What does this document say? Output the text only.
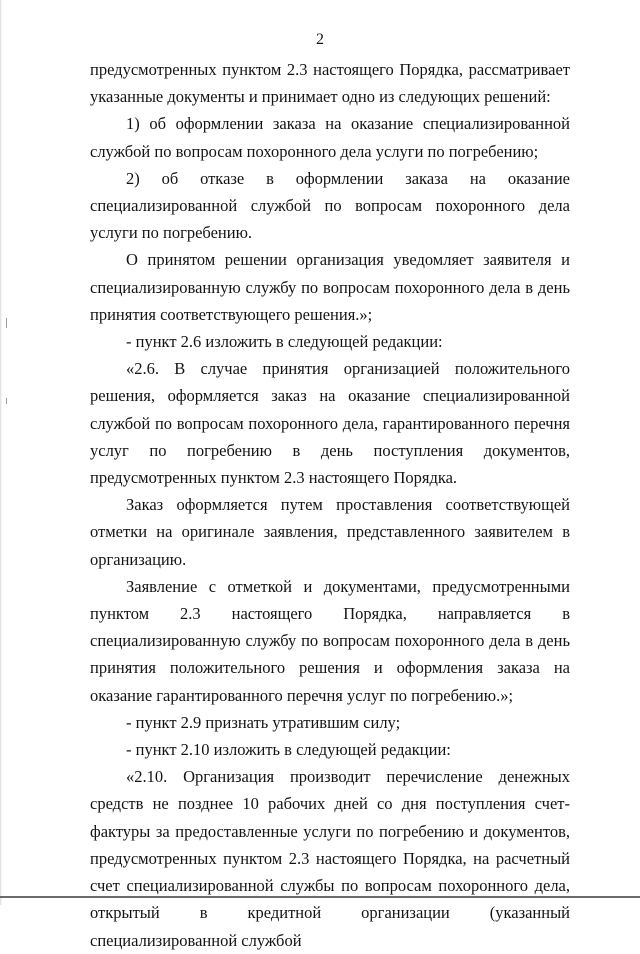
2

предусмотренных пунктом 2.3 настоящего Порядка, рассматривает указанные документы и принимает одно из следующих решений:

1) об оформлении заказа на оказание специализированной службой по вопросам похоронного дела услуги по погребению;

2) об отказе в оформлении заказа на оказание специализированной службой по вопросам похоронного дела услуги по погребению.

О принятом решении организация уведомляет заявителя и специализированную службу по вопросам похоронного дела в день принятия соответствующего решения.»;

- пункт 2.6 изложить в следующей редакции:

«2.6. В случае принятия организацией положительного решения, оформляется заказ на оказание специализированной службой по вопросам похоронного дела, гарантированного перечня услуг по погребению в день поступления документов, предусмотренных пунктом 2.3 настоящего Порядка.

Заказ оформляется путем проставления соответствующей отметки на оригинале заявления, представленного заявителем в организацию.

Заявление с отметкой и документами, предусмотренными пунктом 2.3 настоящего Порядка, направляется в специализированную службу по вопросам похоронного дела в день принятия положительного решения и оформления заказа на оказание гарантированного перечня услуг по погребению.»;

- пункт 2.9 признать утратившим силу;

- пункт 2.10 изложить в следующей редакции:

«2.10. Организация производит перечисление денежных средств не позднее 10 рабочих дней со дня поступления счет-фактуры за предоставленные услуги по погребению и документов, предусмотренных пунктом 2.3 настоящего Порядка, на расчетный счет специализированной службы по вопросам похоронного дела, открытый в кредитной организации (указанный специализированной службой
